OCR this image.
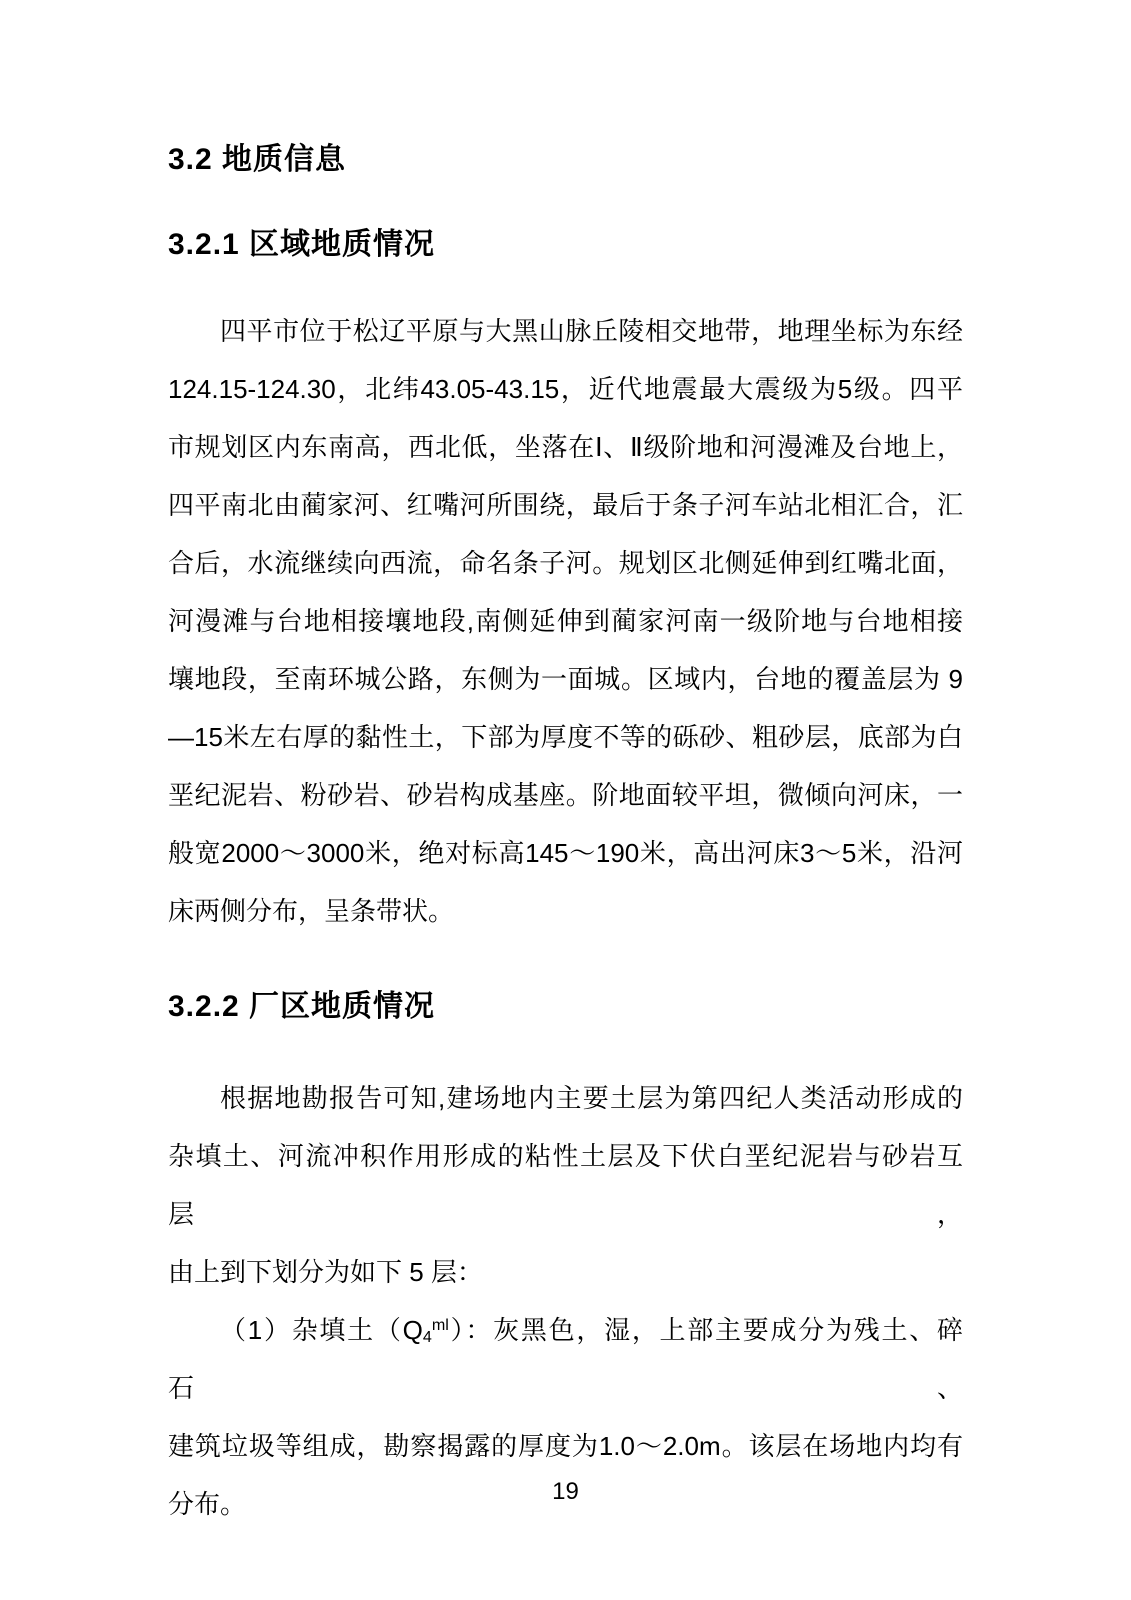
3.2 地质信息
3.2.1 区域地质情况
四平市位于松辽平原与大黑山脉丘陵相交地带，地理坐标为东经
124.15-124.30，北纬43.05-43.15，近代地震最大震级为5级。四平
市规划区内东南高，西北低，坐落在Ⅰ、Ⅱ级阶地和河漫滩及台地上，
四平南北由蔺家河、红嘴河所围绕，最后于条子河车站北相汇合，汇
合后，水流继续向西流，命名条子河。规划区北侧延伸到红嘴北面，
河漫滩与台地相接壤地段,南侧延伸到蔺家河南一级阶地与台地相接
壤地段，至南环城公路，东侧为一面城。区域内，台地的覆盖层为 9
—15米左右厚的黏性土，下部为厚度不等的砾砂、粗砂层，底部为白
垩纪泥岩、粉砂岩、砂岩构成基座。阶地面较平坦，微倾向河床，一
般宽2000～3000米，绝对标高145～190米，高出河床3～5米，沿河
床两侧分布，呈条带状。
3.2.2 厂区地质情况
根据地勘报告可知,建场地内主要土层为第四纪人类活动形成的
杂填土、河流冲积作用形成的粘性土层及下伏白垩纪泥岩与砂岩互层，
由上到下划分为如下 5 层：
（1）杂填土$(Q4^{ml})$：灰黑色，湿，上部主要成分为残土、碎 石、
建筑垃圾等组成，勘察揭露的厚度为1.0～2.0m。该层在场地内均有
分布。	19
